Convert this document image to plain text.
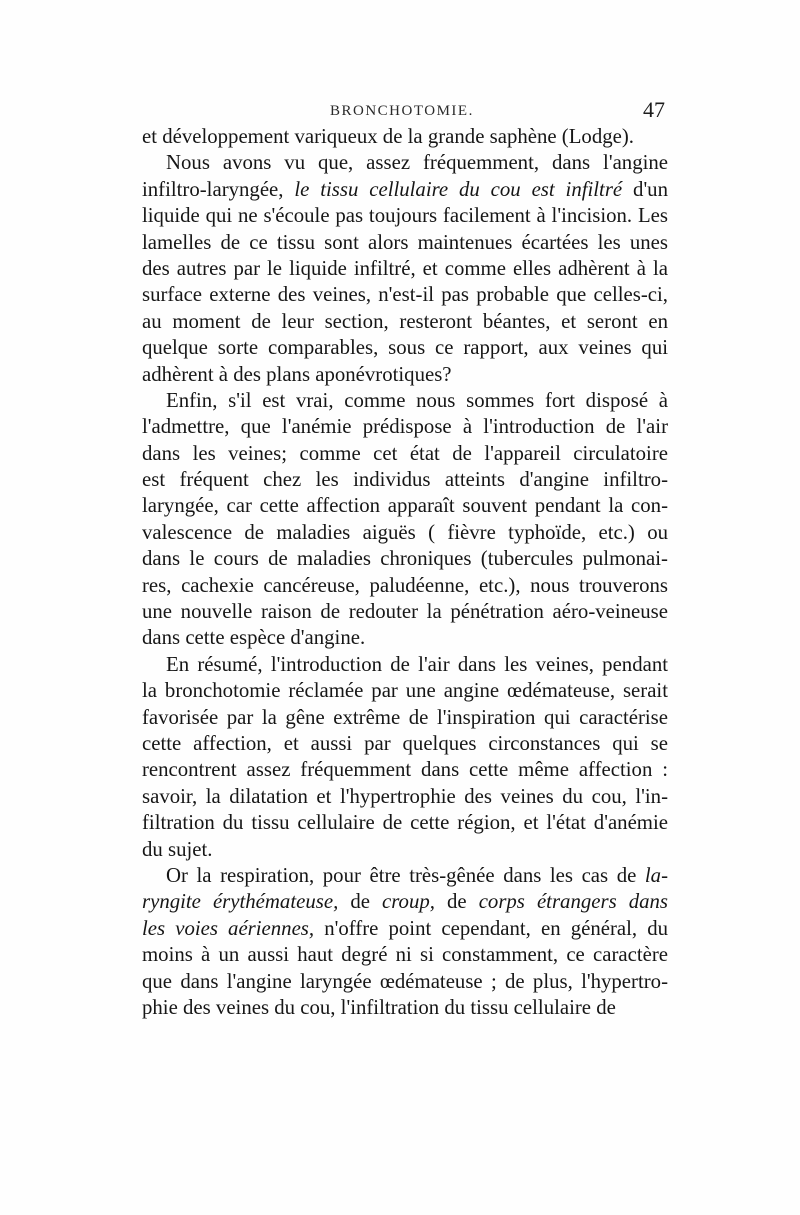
BRONCHOTOMIE.	47
et développement variqueux de la grande saphène (Lodge).
Nous avons vu que, assez fréquemment, dans l'angine
infiltro-laryngée, le tissu cellulaire du cou est infiltré d'un
liquide qui ne s'écoule pas toujours facilement à l'incision. Les
lamelles de ce tissu sont alors maintenues écartées les unes
des autres par le liquide infiltré, et comme elles adhèrent à la
surface externe des veines, n'est-il pas probable que celles-ci,
au moment de leur section, resteront béantes, et seront en
quelque sorte comparables, sous ce rapport, aux veines qui
adhèrent à des plans aponévrotiques?
Enfin, s'il est vrai, comme nous sommes fort disposé à
l'admettre, que l'anémie prédispose à l'introduction de l'air
dans les veines; comme cet état de l'appareil circulatoire
est fréquent chez les individus atteints d'angine infiltro-
laryngée, car cette affection apparaît souvent pendant la con-
valescence de maladies aiguës ( fièvre typhoïde, etc.) ou
dans le cours de maladies chroniques (tubercules pulmonai-
res, cachexie cancéreuse, paludéenne, etc.), nous trouverons
une nouvelle raison de redouter la pénétration aéro-veineuse
dans cette espèce d'angine.
En résumé, l'introduction de l'air dans les veines, pendant
la bronchotomie réclamée par une angine œdémateuse, serait
favorisée par la gêne extrême de l'inspiration qui caractérise
cette affection, et aussi par quelques circonstances qui se
rencontrent assez fréquemment dans cette même affection :
savoir, la dilatation et l'hypertrophie des veines du cou, l'in-
filtration du tissu cellulaire de cette région, et l'état d'anémie
du sujet.
Or la respiration, pour être très-gênée dans les cas de la-
ryngite érythémateuse, de croup, de corps étrangers dans
les voies aériennes, n'offre point cependant, en général, du
moins à un aussi haut degré ni si constamment, ce caractère
que dans l'angine laryngée œdémateuse ; de plus, l'hypertro-
phie des veines du cou, l'infiltration du tissu cellulaire de
